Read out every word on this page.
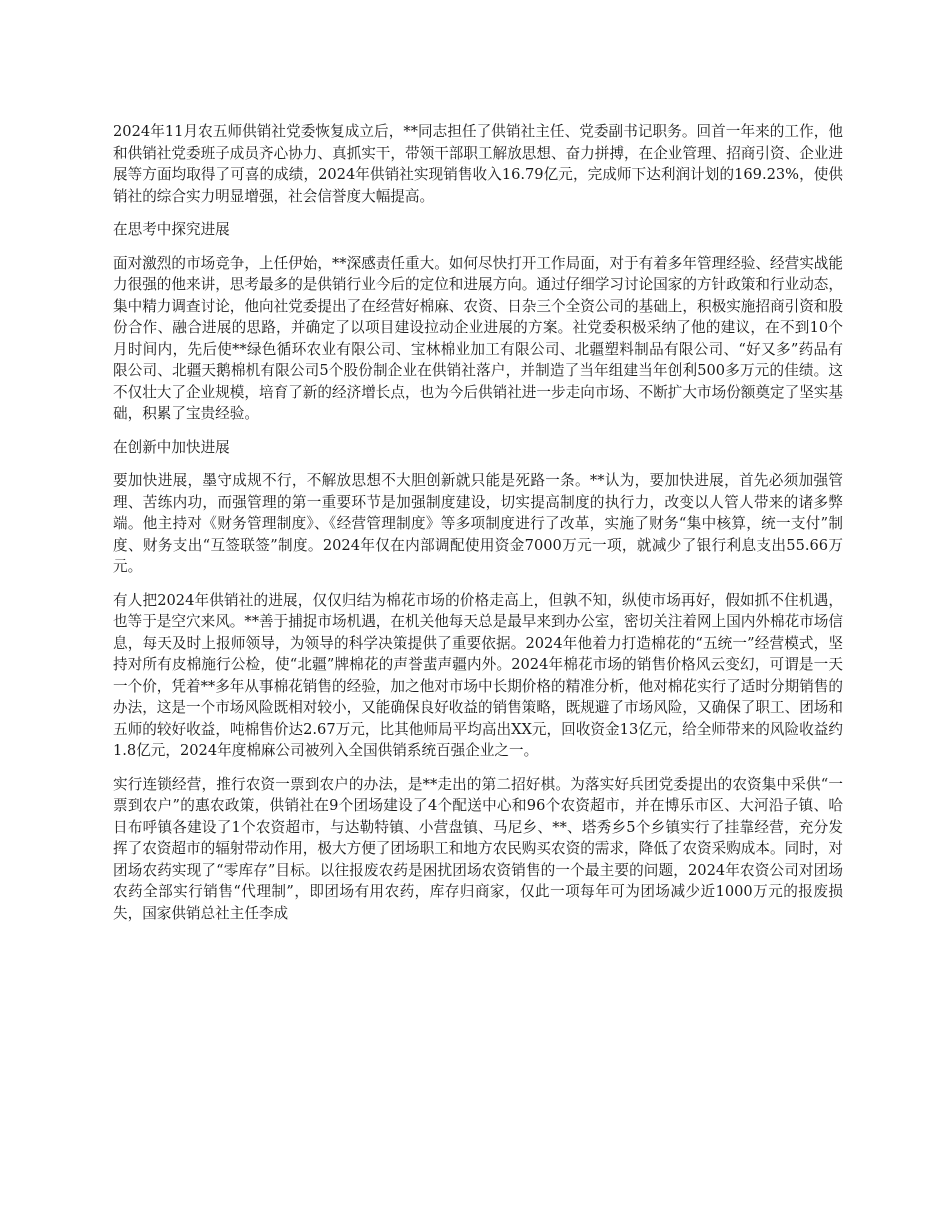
2024年11月农五师供销社党委恢复成立后，**同志担任了供销社主任、党委副书记职务。回首一年来的工作，他和供销社党委班子成员齐心协力、真抓实干，带领干部职工解放思想、奋力拼搏，在企业管理、招商引资、企业进展等方面均取得了可喜的成绩，2024年供销社实现销售收入16.79亿元，完成师下达利润计划的169.23%，使供销社的综合实力明显增强，社会信誉度大幅提高。

在思考中探究进展

面对激烈的市场竞争，上任伊始，**深感责任重大。如何尽快打开工作局面，对于有着多年管理经验、经营实战能力很强的他来讲，思考最多的是供销行业今后的定位和进展方向。通过仔细学习讨论国家的方针政策和行业动态，集中精力调查讨论，他向社党委提出了在经营好棉麻、农资、日杂三个全资公司的基础上，积极实施招商引资和股份合作、融合进展的思路，并确定了以项目建设拉动企业进展的方案。社党委积极采纳了他的建议，在不到10个月时间内，先后使**绿色循环农业有限公司、宝林棉业加工有限公司、北疆塑料制品有限公司、“好又多”药品有限公司、北疆天鹅棉机有限公司5个股份制企业在供销社落户，并制造了当年组建当年创利500多万元的佳绩。这不仅壮大了企业规模，培育了新的经济增长点，也为今后供销社进一步走向市场、不断扩大市场份额奠定了坚实基础，积累了宝贵经验。

在创新中加快进展

要加快进展，墨守成规不行，不解放思想不大胆创新就只能是死路一条。**认为，要加快进展，首先必须加强管理、苦练内功，而强管理的第一重要环节是加强制度建设，切实提高制度的执行力，改变以人管人带来的诸多弊端。他主持对《财务管理制度》、《经营管理制度》等多项制度进行了改革，实施了财务“集中核算，统一支付”制度、财务支出“互签联签”制度。2024年仅在内部调配使用资金7000万元一项，就减少了银行利息支出55.66万元。

有人把2024年供销社的进展，仅仅归结为棉花市场的价格走高上，但孰不知，纵使市场再好，假如抓不住机遇，也等于是空穴来风。**善于捕捉市场机遇，在机关他每天总是最早来到办公室，密切关注着网上国内外棉花市场信息，每天及时上报师领导，为领导的科学决策提供了重要依据。2024年他着力打造棉花的“五统一”经营模式，坚持对所有皮棉施行公检，使“北疆”牌棉花的声誉蜚声疆内外。2024年棉花市场的销售价格风云变幻，可谓是一天一个价，凭着**多年从事棉花销售的经验，加之他对市场中长期价格的精准分析，他对棉花实行了适时分期销售的办法，这是一个市场风险既相对较小，又能确保良好收益的销售策略，既规避了市场风险，又确保了职工、团场和五师的较好收益，吨棉售价达2.67万元，比其他师局平均高出XX元，回收资金13亿元，给全师带来的风险收益约1.8亿元，2024年度棉麻公司被列入全国供销系统百强企业之一。

实行连锁经营，推行农资一票到农户的办法，是**走出的第二招好棋。为落实好兵团党委提出的农资集中采供“一票到农户”的惠农政策，供销社在9个团场建设了4个配送中心和96个农资超市，并在博乐市区、大河沿子镇、哈日布呼镇各建设了1个农资超市，与达勒特镇、小营盘镇、马尼乡、**、塔秀乡5个乡镇实行了挂靠经营，充分发挥了农资超市的辐射带动作用，极大方便了团场职工和地方农民购买农资的需求，降低了农资采购成本。同时，对团场农药实现了“零库存”目标。以往报废农药是困扰团场农资销售的一个最主要的问题，2024年农资公司对团场农药全部实行销售“代理制”，即团场有用农药，库存归商家，仅此一项每年可为团场减少近1000万元的报废损失，国家供销总社主任李成
